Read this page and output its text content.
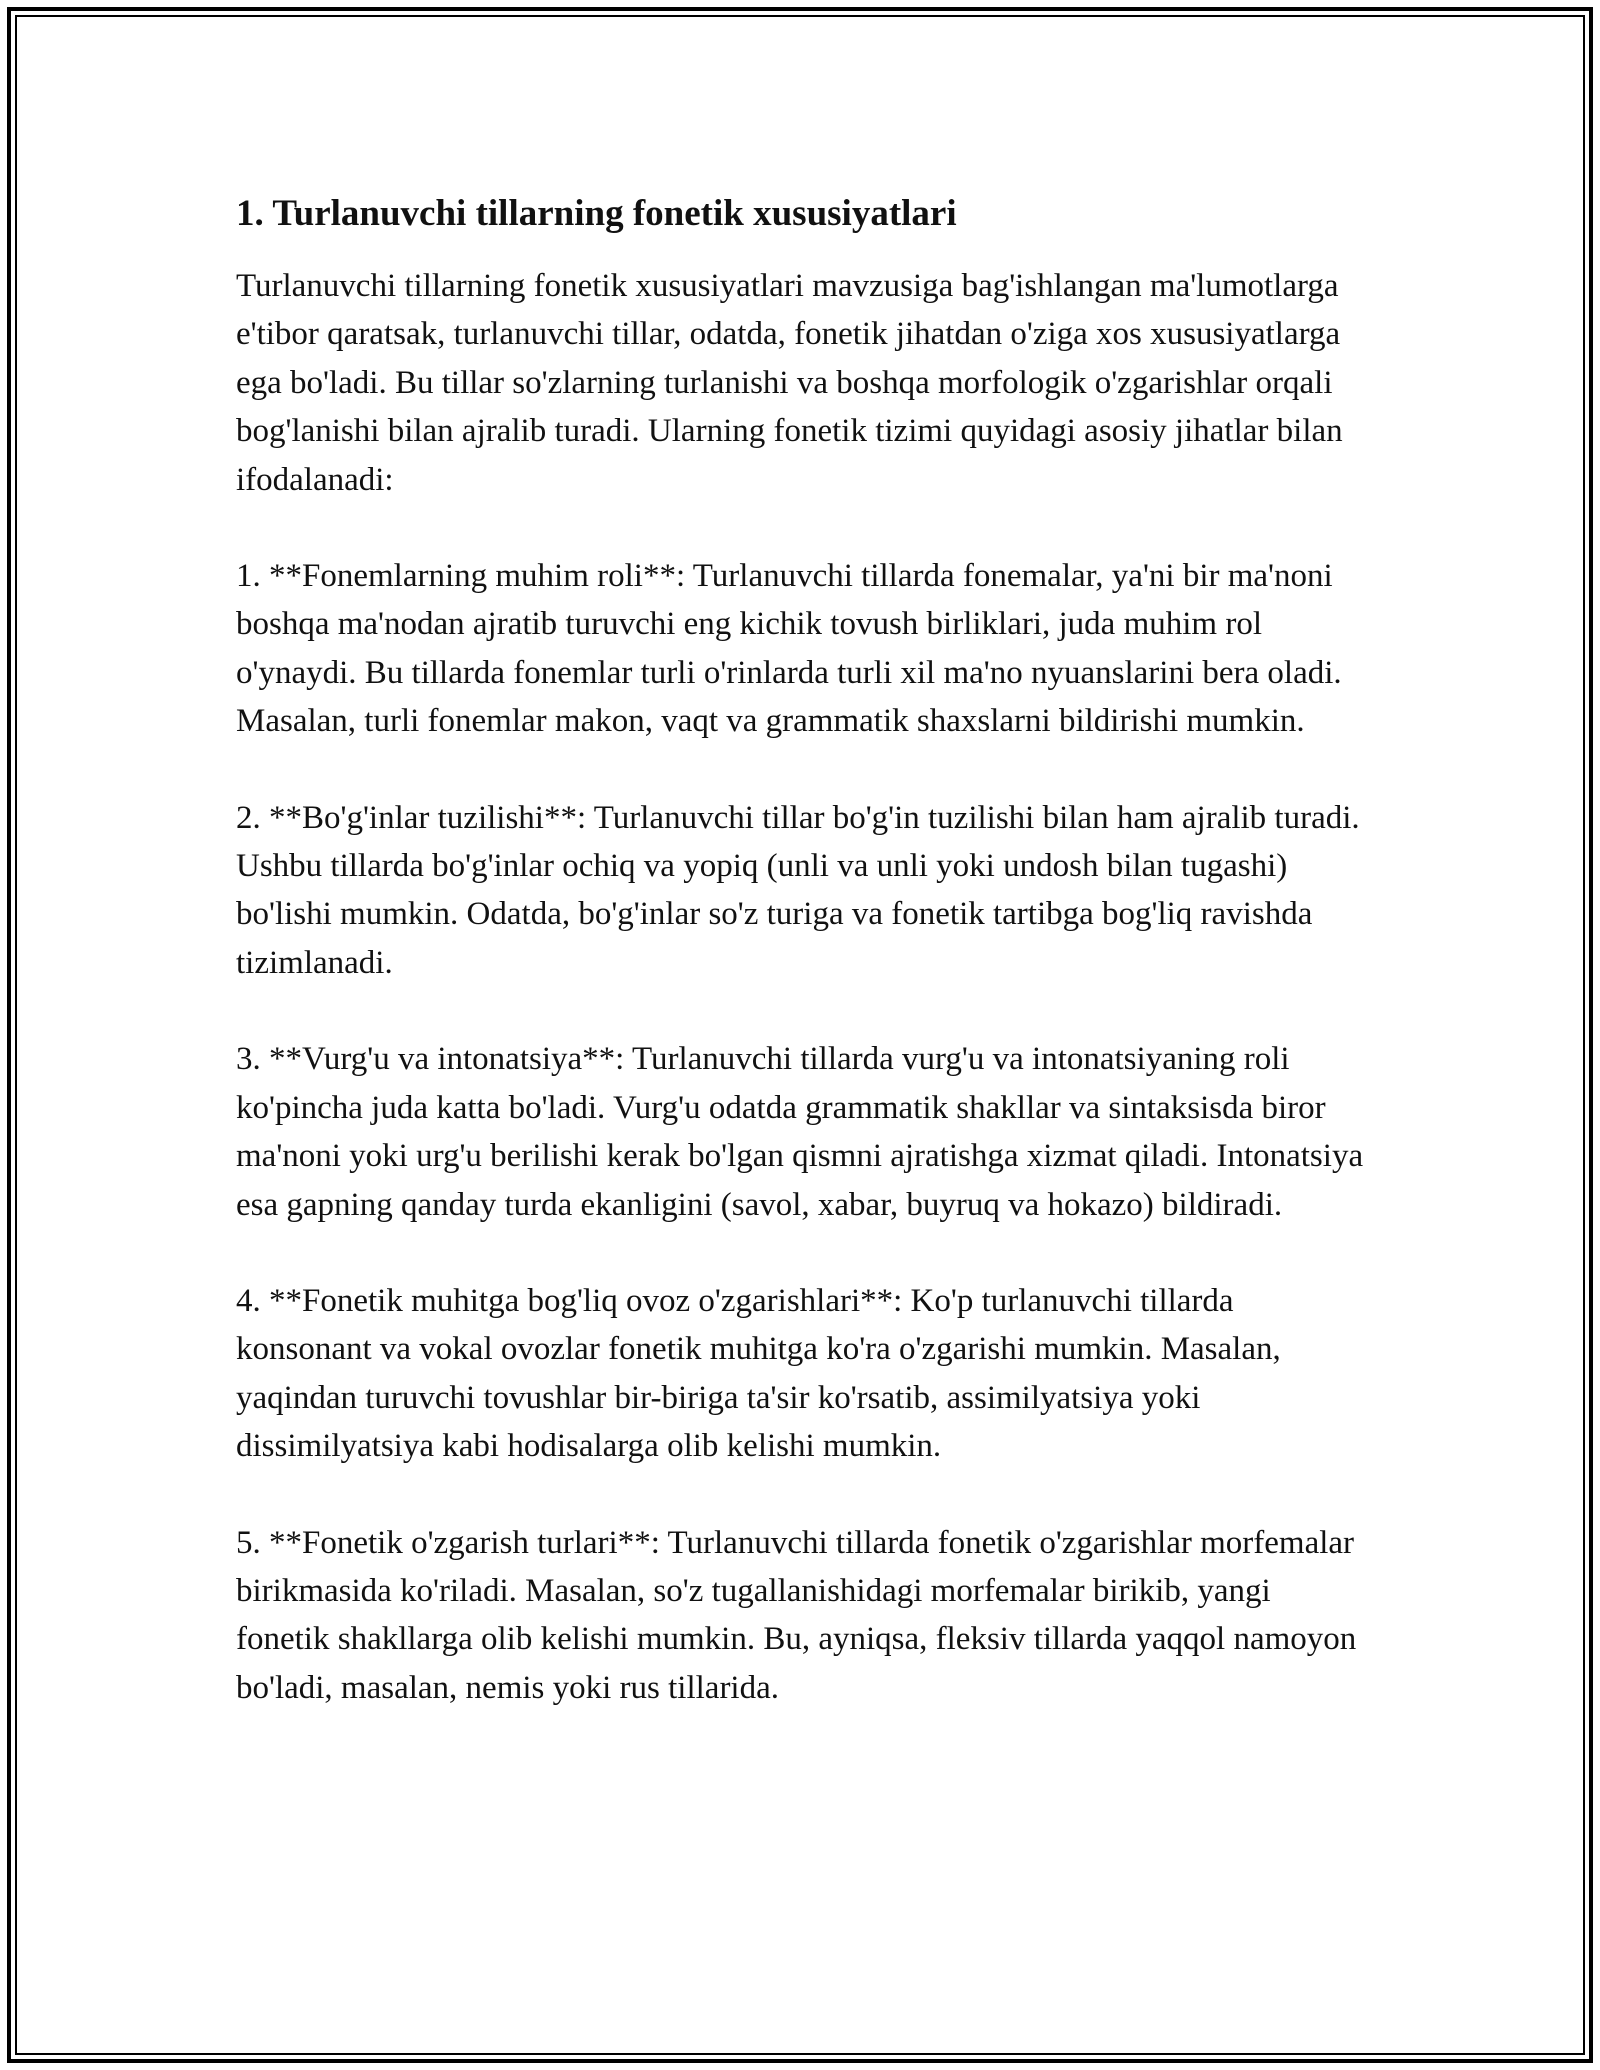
1. Turlanuvchi tillarning fonetik xususiyatlari

Turlanuvchi tillarning fonetik xususiyatlari mavzusiga bag'ishlangan ma'lumotlarga e'tibor qaratsak, turlanuvchi tillar, odatda, fonetik jihatdan o'ziga xos xususiyatlarga ega bo'ladi. Bu tillar so'zlarning turlanishi va boshqa morfologik o'zgarishlar orqali bog'lanishi bilan ajralib turadi. Ularning fonetik tizimi quyidagi asosiy jihatlar bilan ifodalanadi:

1. **Fonemlarning muhim roli**: Turlanuvchi tillarda fonemalar, ya'ni bir ma'noni boshqa ma'nodan ajratib turuvchi eng kichik tovush birliklari, juda muhim rol o'ynaydi. Bu tillarda fonemlar turli o'rinlarda turli xil ma'no nyuanslarini bera oladi. Masalan, turli fonemlar makon, vaqt va grammatik shaxslarni bildirishi mumkin.

2. **Bo'g'inlar tuzilishi**: Turlanuvchi tillar bo'g'in tuzilishi bilan ham ajralib turadi. Ushbu tillarda bo'g'inlar ochiq va yopiq (unli va unli yoki undosh bilan tugashi) bo'lishi mumkin. Odatda, bo'g'inlar so'z turiga va fonetik tartibga bog'liq ravishda tizimlanadi.

3. **Vurg'u va intonatsiya**: Turlanuvchi tillarda vurg'u va intonatsiyaning roli ko'pincha juda katta bo'ladi. Vurg'u odatda grammatik shakllar va sintaksisda biror ma'noni yoki urg'u berilishi kerak bo'lgan qismni ajratishga xizmat qiladi. Intonatsiya esa gapning qanday turda ekanligini (savol, xabar, buyruq va hokazo) bildiradi.

4. **Fonetik muhitga bog'liq ovoz o'zgarishlari**: Ko'p turlanuvchi tillarda konsonant va vokal ovozlar fonetik muhitga ko'ra o'zgarishi mumkin. Masalan, yaqindan turuvchi tovushlar bir-biriga ta'sir ko'rsatib, assimilyatsiya yoki dissimilyatsiya kabi hodisalarga olib kelishi mumkin.

5. **Fonetik o'zgarish turlari**: Turlanuvchi tillarda fonetik o'zgarishlar morfemalar birikmasida ko'riladi. Masalan, so'z tugallanishidagi morfemalar birikib, yangi fonetik shakllarga olib kelishi mumkin. Bu, ayniqsa, fleksiv tillarda yaqqol namoyon bo'ladi, masalan, nemis yoki rus tillarida.
